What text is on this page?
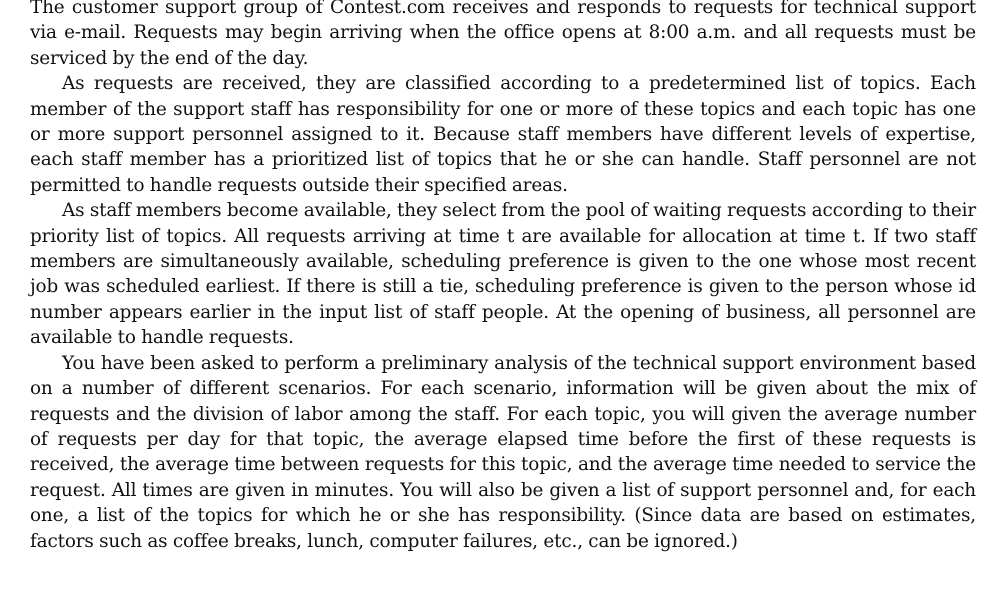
The customer support group of Contest.com receives and responds to requests for technical support via e-mail. Requests may begin arriving when the office opens at 8:00 a.m. and all requests must be serviced by the end of the day.

As requests are received, they are classified according to a predetermined list of topics. Each member of the support staff has responsibility for one or more of these topics and each topic has one or more support personnel assigned to it. Because staff members have different levels of expertise, each staff member has a prioritized list of topics that he or she can handle. Staff personnel are not permitted to handle requests outside their specified areas.

As staff members become available, they select from the pool of waiting requests according to their priority list of topics. All requests arriving at time t are available for allocation at time t. If two staff members are simultaneously available, scheduling preference is given to the one whose most recent job was scheduled earliest. If there is still a tie, scheduling preference is given to the person whose id number appears earlier in the input list of staff people. At the opening of business, all personnel are available to handle requests.

You have been asked to perform a preliminary analysis of the technical support environment based on a number of different scenarios. For each scenario, information will be given about the mix of requests and the division of labor among the staff. For each topic, you will given the average number of requests per day for that topic, the average elapsed time before the first of these requests is received, the average time between requests for this topic, and the average time needed to service the request. All times are given in minutes. You will also be given a list of support personnel and, for each one, a list of the topics for which he or she has responsibility. (Since data are based on estimates, factors such as coffee breaks, lunch, computer failures, etc., can be ignored.)
